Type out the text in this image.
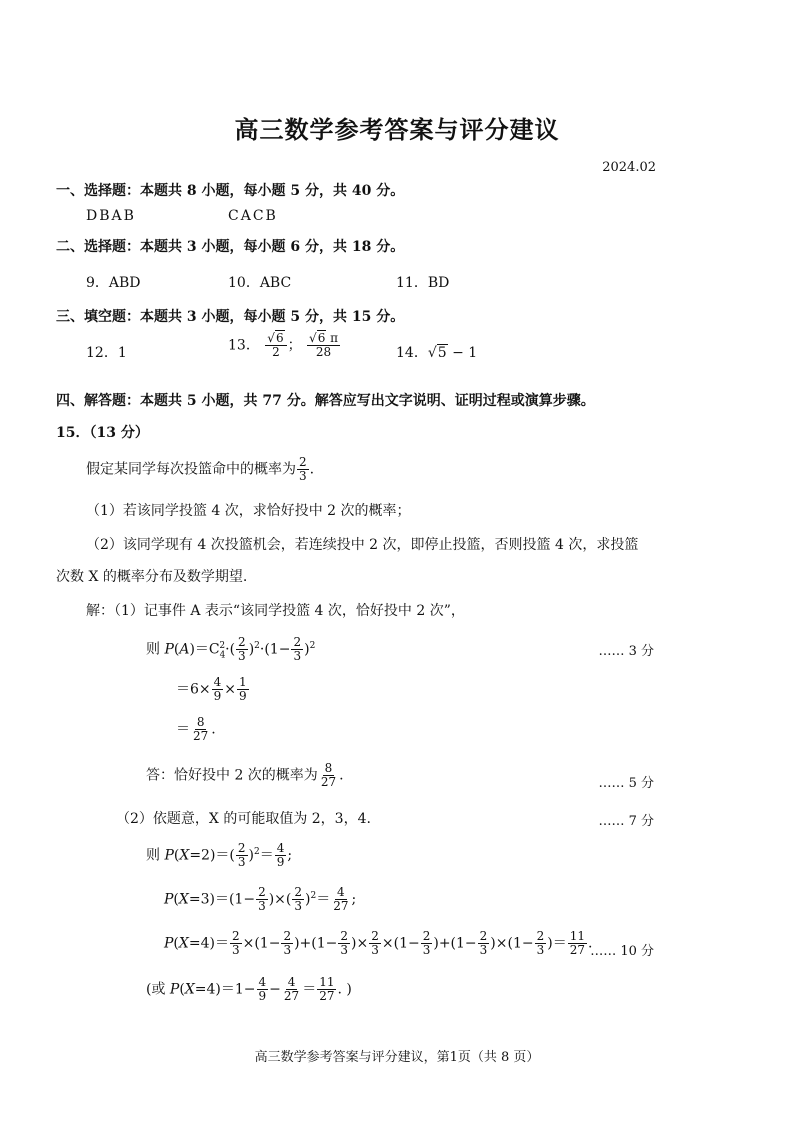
高三数学参考答案与评分建议
2024.02
一、选择题：本题共 8 小题，每小题 5 分，共 40 分。
DBAB	CACB
二、选择题：本题共 3 小题，每小题 6 分，共 18 分。
9．ABD	10．ABC	11．BD
三、填空题：本题共 3 小题，每小题 5 分，共 15 分。
12．1	13． $\frac{√6}{2}$ ； $\frac{√6 \pi}{28}$	14．√5 − 1
四、解答题：本题共 5 小题，共 77 分。解答应写出文字说明、证明过程或演算步骤。
15．（13 分）
假定某同学每次投篮命中的概率为 $\frac{2}{3}$ .
（1）若该同学投篮 4 次，求恰好投中 2 次的概率；
（2）该同学现有 4 次投篮机会，若连续投中 2 次，即停止投篮，否则投篮 4 次，求投篮
次数 X 的概率分布及数学期望.
解：（1）记事件 A 表示“该同学投篮 4 次，恰好投中 2 次”，
则 $P(A)=C_4^2\cdot( \frac{2}{3} )^2\cdot(1- \frac{2}{3} )^2$	…… 3 分
$=6\times \frac{4}{9} \times \frac{1}{9}$
＝ $\frac{8}{27}$ .
答：恰好投中 2 次的概率为 $\frac{8}{27}$ .	…… 5 分
（2）依题意，X 的可能取值为 2，3，4.	…… 7 分
则 $P(X=2)=( \frac{2}{3} )^2= \frac{4}{9}$ ;
$P(X=3)=(1- \frac{2}{3}$ )×( $\frac{2}{3} )^2= \frac{4}{27}$ ;
$P(X=4)= \frac{2}{3} \times(1- \frac{2}{3} )+(1- \frac{2}{3}$ )× $\frac{2}{3} \times(1- \frac{2}{3} )+(1- \frac{2}{3} )\times(1- \frac{2}{3}$ )＝ $\frac{11}{27}$ .
…… 10 分
(或 $P(X=4)=1- \frac{4}{9} - \frac{4}{27} = \frac{11}{27}$ . )
高三数学参考答案与评分建议，第1页（共 8 页）
